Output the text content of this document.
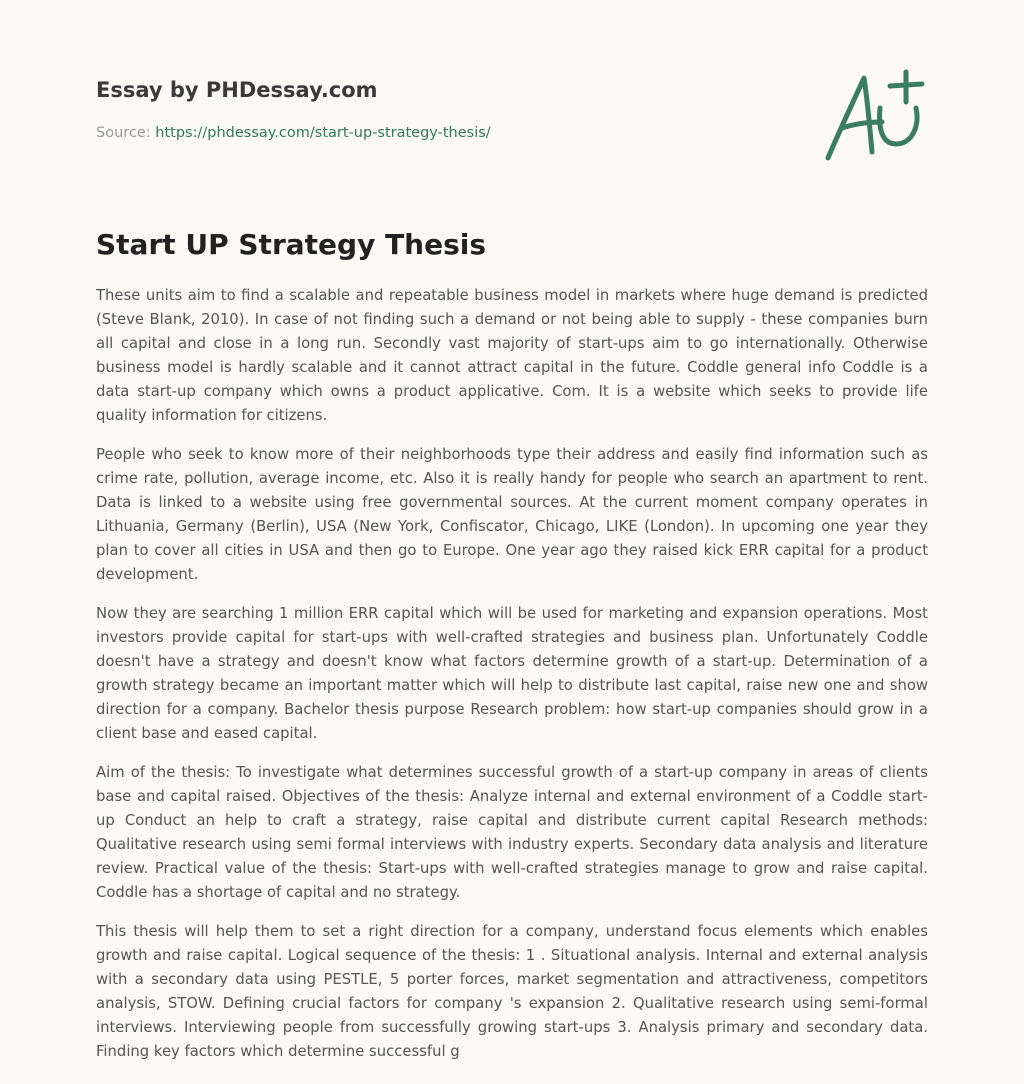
Essay by PHDessay.com
Source: https://phdessay.com/start-up-strategy-thesis/
Start UP Strategy Thesis

These units aim to find a scalable and repeatable business model in markets where huge demand is predicted (Steve Blank, 2010). In case of not finding such a demand or not being able to supply - these companies burn all capital and close in a long run. Secondly vast majority of start-ups aim to go internationally. Otherwise business model is hardly scalable and it cannot attract capital in the future. Coddle general info Coddle is a data start-up company which owns a product applicative. Com. It is a website which seeks to provide life quality information for citizens.

People who seek to know more of their neighborhoods type their address and easily find information such as crime rate, pollution, average income, etc. Also it is really handy for people who search an apartment to rent. Data is linked to a website using free governmental sources. At the current moment company operates in Lithuania, Germany (Berlin), USA (New York, Confiscator, Chicago, LIKE (London). In upcoming one year they plan to cover all cities in USA and then go to Europe. One year ago they raised kick ERR capital for a product development.

Now they are searching 1 million ERR capital which will be used for marketing and expansion operations. Most investors provide capital for start-ups with well-crafted strategies and business plan. Unfortunately Coddle doesn't have a strategy and doesn't know what factors determine growth of a start-up. Determination of a growth strategy became an important matter which will help to distribute last capital, raise new one and show direction for a company. Bachelor thesis purpose Research problem: how start-up companies should grow in a client base and eased capital.

Aim of the thesis: To investigate what determines successful growth of a start-up company in areas of clients base and capital raised. Objectives of the thesis: Analyze internal and external environment of a Coddle start-up Conduct an help to craft a strategy, raise capital and distribute current capital Research methods: Qualitative research using semi formal interviews with industry experts. Secondary data analysis and literature review. Practical value of the thesis: Start-ups with well-crafted strategies manage to grow and raise capital. Coddle has a shortage of capital and no strategy.

This thesis will help them to set a right direction for a company, understand focus elements which enables growth and raise capital. Logical sequence of the thesis: 1 . Situational analysis. Internal and external analysis with a secondary data using PESTLE, 5 porter forces, market segmentation and attractiveness, competitors analysis, STOW. Defining crucial factors for company 's expansion 2. Qualitative research using semi-formal interviews. Interviewing people from successfully growing start-ups 3. Analysis primary and secondary data. Finding key factors which determine successful g
